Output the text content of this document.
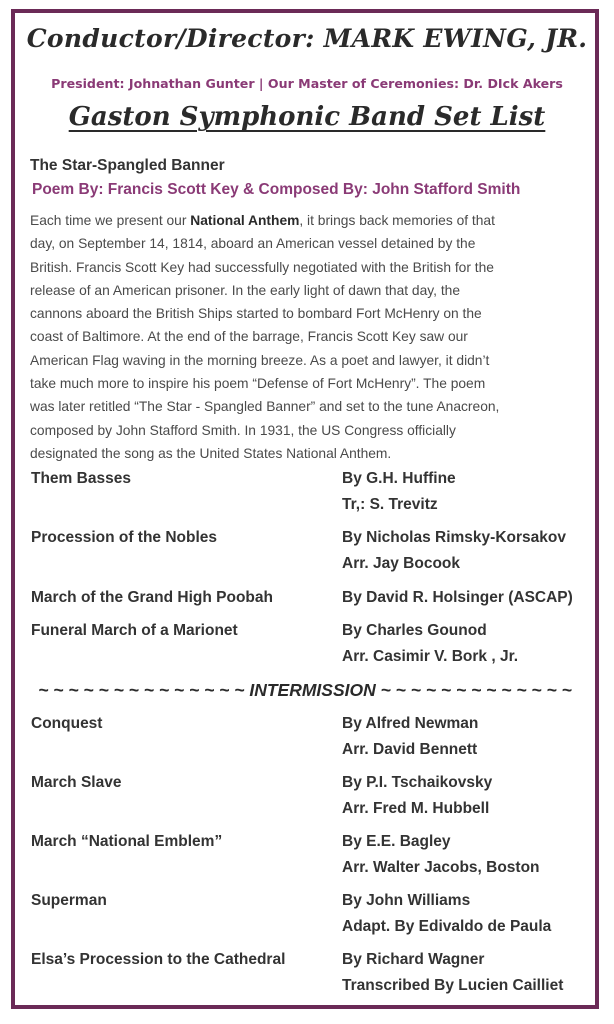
Conductor/Director: MARK EWING, JR.
President: Johnathan Gunter | Our Master of Ceremonies: Dr. DIck Akers
Gaston Symphonic Band Set List
The Star-Spangled Banner
Poem By: Francis Scott Key & Composed By: John Stafford Smith
Each time we present our National Anthem, it brings back memories of that
day, on September 14, 1814, aboard an American vessel detained by the
British. Francis Scott Key had successfully negotiated with the British for the
release of an American prisoner. In the early light of dawn that day, the
cannons aboard the British Ships started to bombard Fort McHenry on the
coast of Baltimore. At the end of the barrage, Francis Scott Key saw our
American Flag waving in the morning breeze. As a poet and lawyer, it didn’t
take much more to inspire his poem “Defense of Fort McHenry”. The poem
was later retitled “The Star - Spangled Banner” and set to the tune Anacreon,
composed by John Stafford Smith. In 1931, the US Congress officially
designated the song as the United States National Anthem.
Them Basses	By G.H. Huffine
Tr,: S. Trevitz
Procession of the Nobles	By Nicholas Rimsky-Korsakov
Arr. Jay Bocook
March of the Grand High Poobah	By David R. Holsinger (ASCAP)
Funeral March of a Marionet	By Charles Gounod
Arr. Casimir V. Bork , Jr.
~ ~ ~ ~ ~ ~ ~ ~ ~ ~ ~ ~ ~ ~ INTERMISSION ~ ~ ~ ~ ~ ~ ~ ~ ~ ~ ~ ~ ~
Conquest	By Alfred Newman
Arr. David Bennett
March Slave	By P.I. Tschaikovsky
Arr. Fred M. Hubbell
March “National Emblem”	By E.E. Bagley
Arr. Walter Jacobs, Boston
Superman	By John Williams
Adapt. By Edivaldo de Paula
Elsa’s Procession to the Cathedral	By Richard Wagner
Transcribed By Lucien Cailliet
